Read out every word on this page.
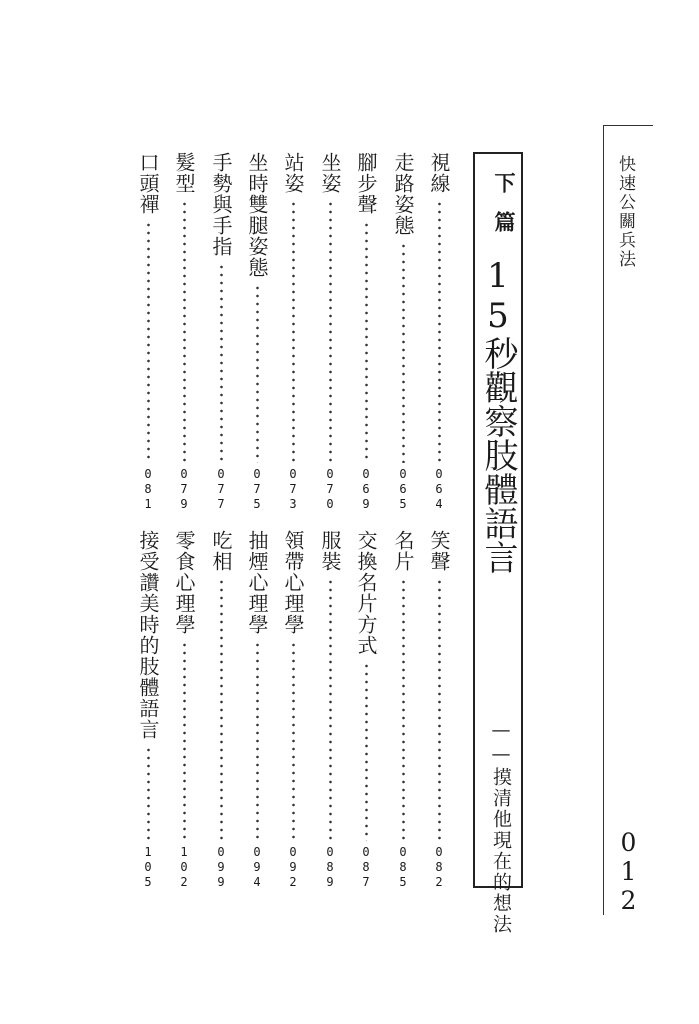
快速公關兵法
012
下篇
15秒觀察肢體語言
——摸清他現在的想法
視線
064
走路姿態
065
腳步聲
069
坐姿
070
站姿
073
坐時雙腿姿態
075
手勢與手指
077
髮型
079
口頭禪
081
笑聲
082
名片
085
交換名片方式
087
服裝
089
領帶心理學
092
抽煙心理學
094
吃相
099
零食心理學
102
接受讚美時的肢體語言
105
